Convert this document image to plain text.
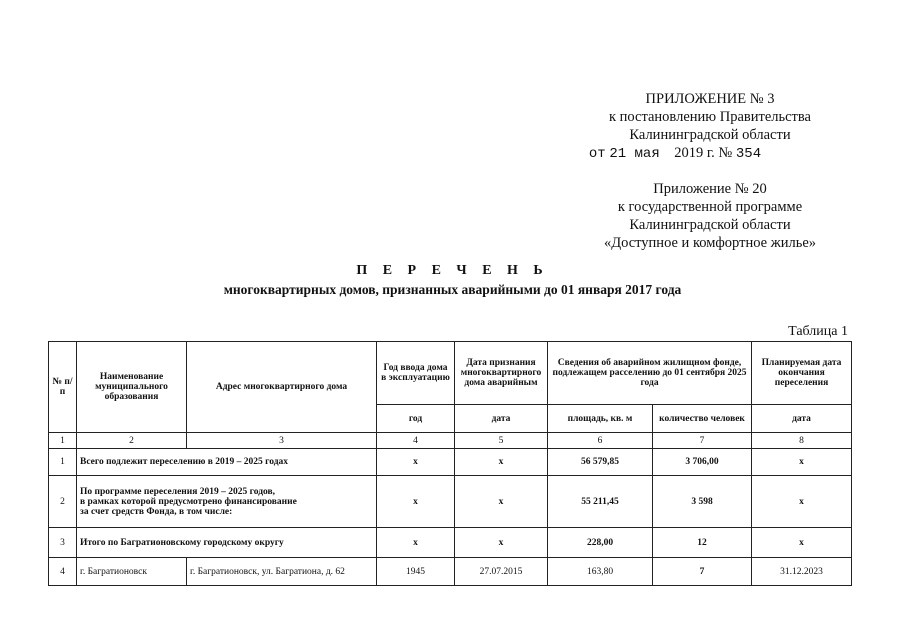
ПРИЛОЖЕНИЕ № 3
к постановлению Правительства
Калининградской области
от 21 мая 2019 г. № 354
Приложение № 20
к государственной программе
Калининградской области
«Доступное и комфортное жилье»
П Е Р Е Ч Е Н Ь
многоквартирных домов, признанных аварийными до 01 января 2017 года
Таблица 1
№ п/п	Наименование муниципального образования	Адрес многоквартирного дома	Год ввода дома в эксплуатацию	Дата признания многоквартирного дома аварийным	Сведения об аварийном жилищном фонде, подлежащем расселению до 01 сентября 2025 года		Планируемая дата окончания переселения
			год	дата	площадь, кв. м	количество человек	дата
1	2	3	4	5	6	7	8
1	Всего подлежит переселению в 2019 – 2025 годах		x	x	56 579,85	3 706,00	x
2	По программе переселения 2019 – 2025 годов,
в рамках которой предусмотрено финансирование
за счет средств Фонда, в том числе:		x	x	55 211,45	3 598	x
3	Итого по Багратионовскому городскому округу		x	x	228,00	12	x
4	г. Багратионовск	г. Багратионовск, ул. Багратиона, д. 62	1945	27.07.2015	163,80	7	31.12.2023
